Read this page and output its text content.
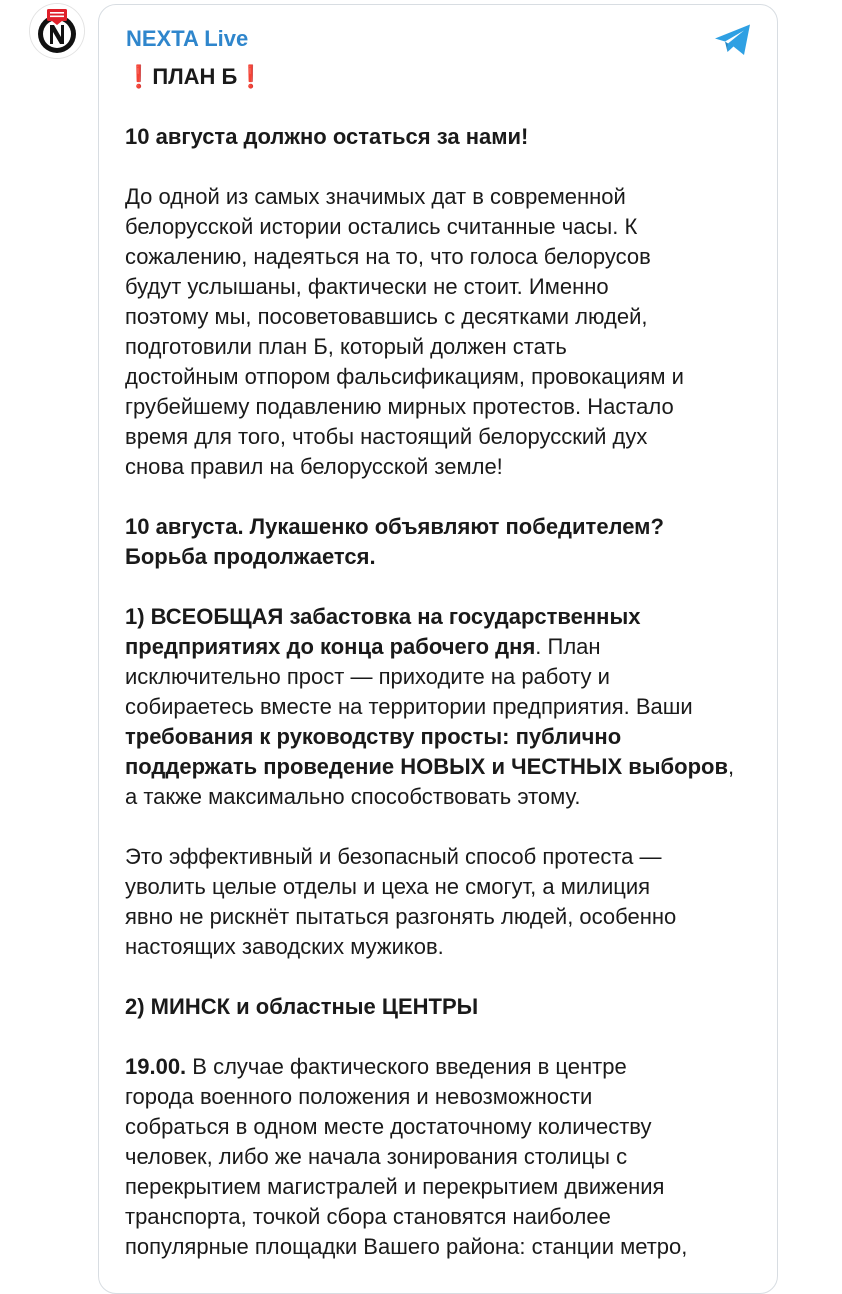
NEXTA Live
❗ПЛАН Б❗
10 августа должно остаться за нами!
До одной из самых значимых дат в современной
белорусской истории остались считанные часы. К
сожалению, надеяться на то, что голоса белорусов
будут услышаны, фактически не стоит. Именно
поэтому мы, посоветовавшись с десятками людей,
подготовили план Б, который должен стать
достойным отпором фальсификациям, провокациям и
грубейшему подавлению мирных протестов. Настало
время для того, чтобы настоящий белорусский дух
снова правил на белорусской земле!
10 августа. Лукашенко объявляют победителем?
Борьба продолжается.
1) ВСЕОБЩАЯ забастовка на государственных
предприятиях до конца рабочего дня. План
исключительно прост — приходите на работу и
собираетесь вместе на территории предприятия. Ваши
требования к руководству просты: публично
поддержать проведение НОВЫХ и ЧЕСТНЫХ выборов,
а также максимально способствовать этому.
Это эффективный и безопасный способ протеста —
уволить целые отделы и цеха не смогут, а милиция
явно не рискнёт пытаться разгонять людей, особенно
настоящих заводских мужиков.
2) МИНСК и областные ЦЕНТРЫ
19.00. В случае фактического введения в центре
города военного положения и невозможности
собраться в одном месте достаточному количеству
человек, либо же начала зонирования столицы с
перекрытием магистралей и перекрытием движения
транспорта, точкой сбора становятся наиболее
популярные площадки Вашего района: станции метро,
